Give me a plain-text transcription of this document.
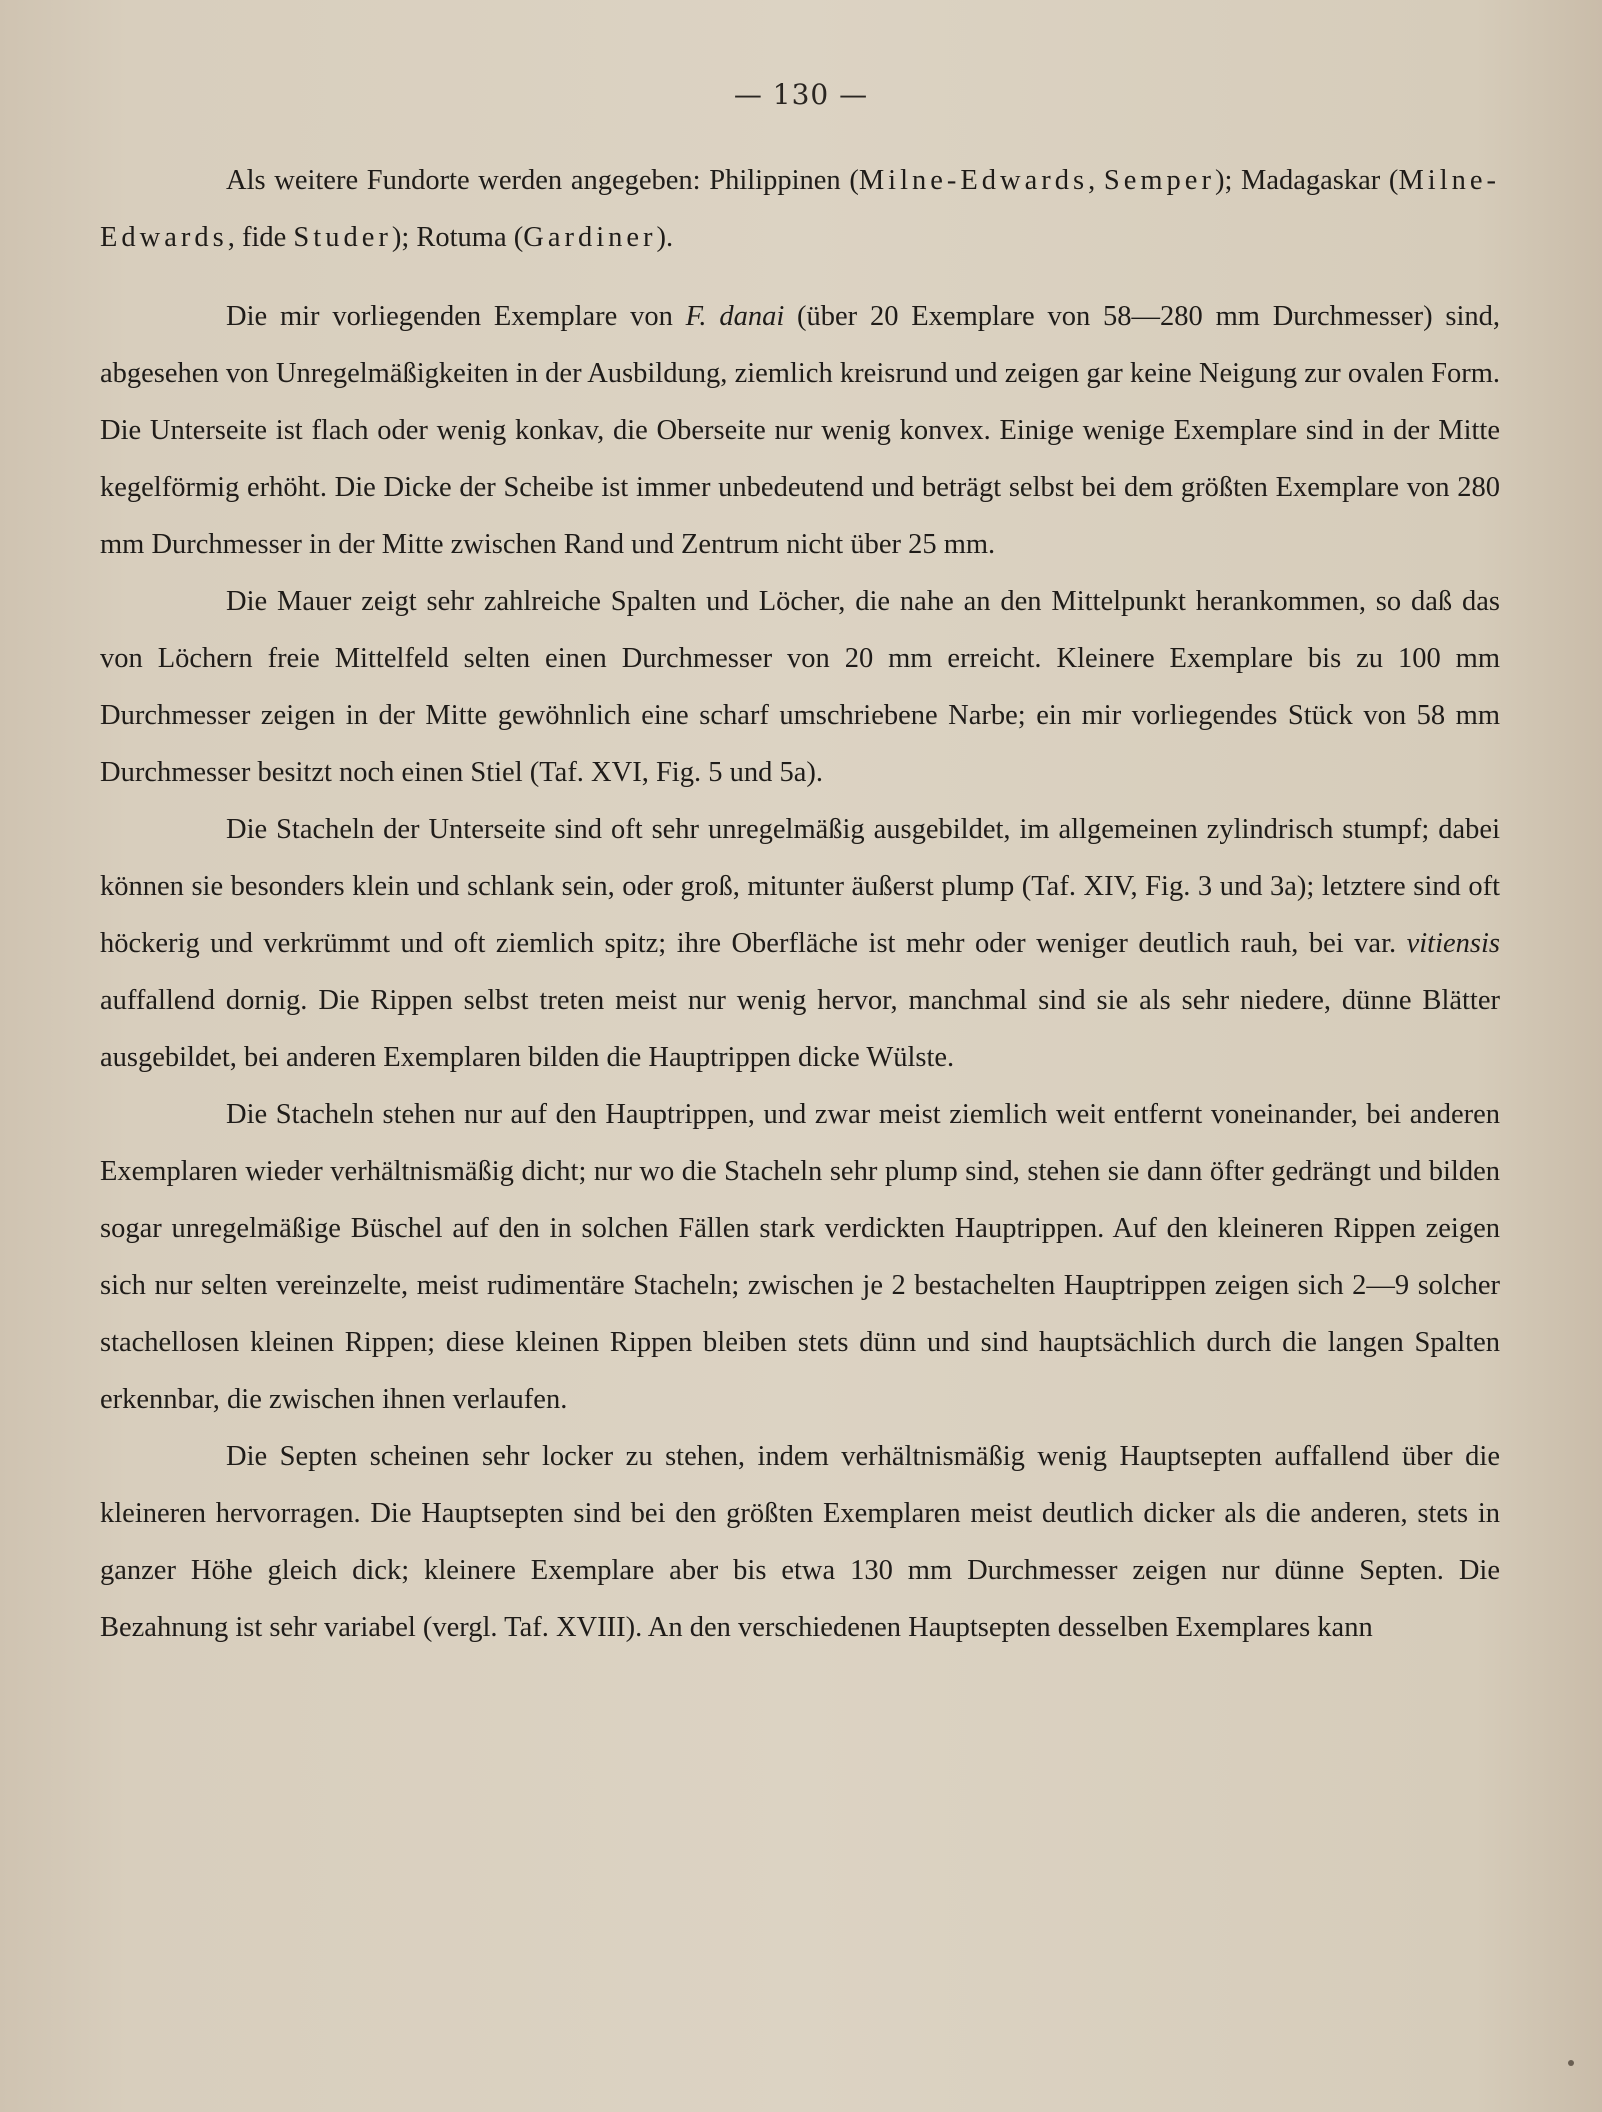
— 130 —

Als weitere Fundorte werden angegeben: Philippinen (Milne-Edwards, Semper); Madagaskar (Milne-Edwards, fide Studer); Rotuma (Gardiner).

Die mir vorliegenden Exemplare von F. danai (über 20 Exemplare von 58—280 mm Durchmesser) sind, abgesehen von Unregelmäßigkeiten in der Ausbildung, ziemlich kreisrund und zeigen gar keine Neigung zur ovalen Form. Die Unterseite ist flach oder wenig konkav, die Oberseite nur wenig konvex. Einige wenige Exemplare sind in der Mitte kegelförmig erhöht. Die Dicke der Scheibe ist immer unbedeutend und beträgt selbst bei dem größten Exemplare von 280 mm Durchmesser in der Mitte zwischen Rand und Zentrum nicht über 25 mm.

Die Mauer zeigt sehr zahlreiche Spalten und Löcher, die nahe an den Mittelpunkt herankommen, so daß das von Löchern freie Mittelfeld selten einen Durchmesser von 20 mm erreicht. Kleinere Exemplare bis zu 100 mm Durchmesser zeigen in der Mitte gewöhnlich eine scharf umschriebene Narbe; ein mir vorliegendes Stück von 58 mm Durchmesser besitzt noch einen Stiel (Taf. XVI, Fig. 5 und 5a).

Die Stacheln der Unterseite sind oft sehr unregelmäßig ausgebildet, im allgemeinen zylindrisch stumpf; dabei können sie besonders klein und schlank sein, oder groß, mitunter äußerst plump (Taf. XIV, Fig. 3 und 3a); letztere sind oft höckerig und verkrümmt und oft ziemlich spitz; ihre Oberfläche ist mehr oder weniger deutlich rauh, bei var. vitiensis auffallend dornig. Die Rippen selbst treten meist nur wenig hervor, manchmal sind sie als sehr niedere, dünne Blätter ausgebildet, bei anderen Exemplaren bilden die Hauptrippen dicke Wülste.

Die Stacheln stehen nur auf den Hauptrippen, und zwar meist ziemlich weit entfernt voneinander, bei anderen Exemplaren wieder verhältnismäßig dicht; nur wo die Stacheln sehr plump sind, stehen sie dann öfter gedrängt und bilden sogar unregelmäßige Büschel auf den in solchen Fällen stark verdickten Hauptrippen. Auf den kleineren Rippen zeigen sich nur selten vereinzelte, meist rudimentäre Stacheln; zwischen je 2 bestachelten Hauptrippen zeigen sich 2—9 solcher stachellosen kleinen Rippen; diese kleinen Rippen bleiben stets dünn und sind hauptsächlich durch die langen Spalten erkennbar, die zwischen ihnen verlaufen.

Die Septen scheinen sehr locker zu stehen, indem verhältnismäßig wenig Hauptsepten auffallend über die kleineren hervorragen. Die Hauptsepten sind bei den größten Exemplaren meist deutlich dicker als die anderen, stets in ganzer Höhe gleich dick; kleinere Exemplare aber bis etwa 130 mm Durchmesser zeigen nur dünne Septen. Die Bezahnung ist sehr variabel (vergl. Taf. XVIII). An den verschiedenen Hauptsepten desselben Exemplares kann
